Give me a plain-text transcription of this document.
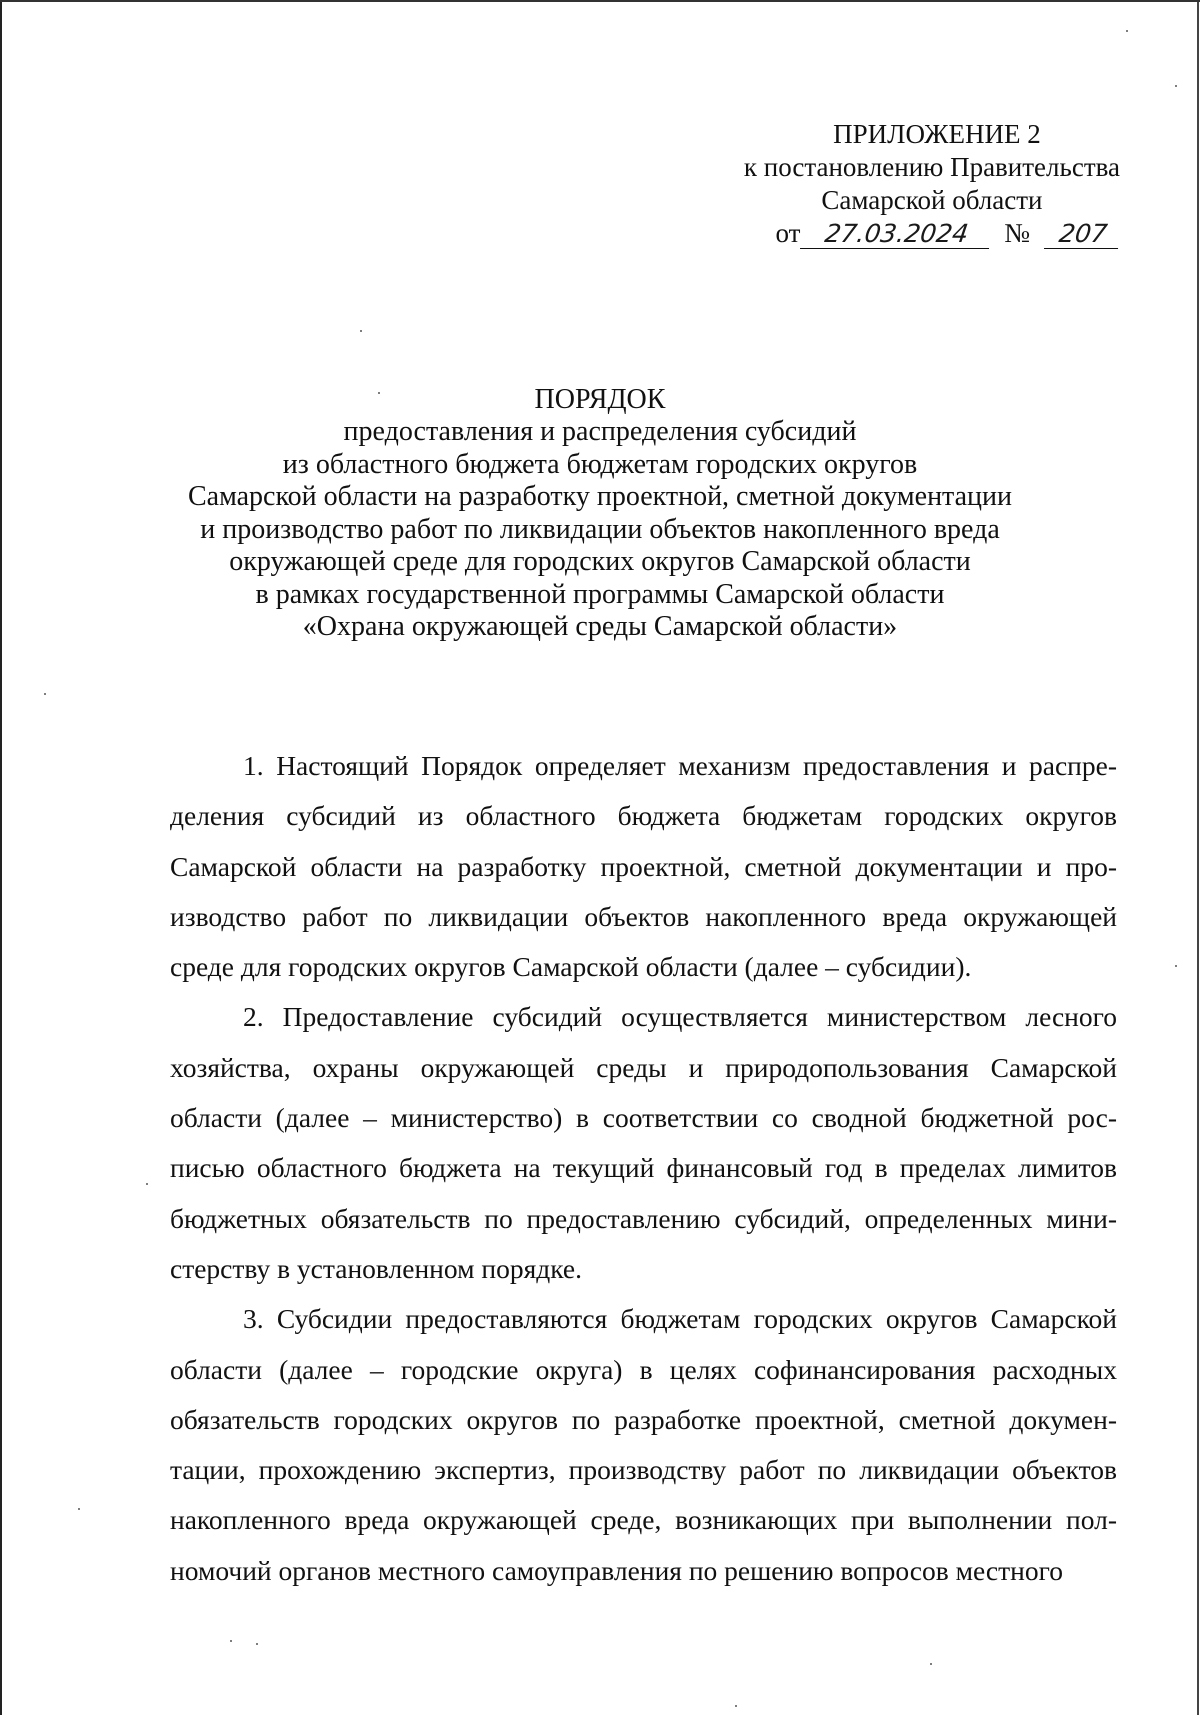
ПРИЛОЖЕНИЕ 2
к постановлению Правительства
Самарской области
от 27.03.2024 № 207
ПОРЯДОК
предоставления и распределения субсидий
из областного бюджета бюджетам городских округов
Самарской области на разработку проектной, сметной документации
и производство работ по ликвидации объектов накопленного вреда
окружающей среде для городских округов Самарской области
в рамках государственной программы Самарской области
«Охрана окружающей среды Самарской области»

1. Настоящий Порядок определяет механизм предоставления и распределения субсидий из областного бюджета бюджетам городских округов Самарской области на разработку проектной, сметной документации и производство работ по ликвидации объектов накопленного вреда окружающей среде для городских округов Самарской области (далее – субсидии).

2. Предоставление субсидий осуществляется министерством лесного хозяйства, охраны окружающей среды и природопользования Самарской области (далее – министерство) в соответствии со сводной бюджетной росписью областного бюджета на текущий финансовый год в пределах лимитов бюджетных обязательств по предоставлению субсидий, определенных министерству в установленном порядке.

3. Субсидии предоставляются бюджетам городских округов Самарской области (далее – городские округа) в целях софинансирования расходных обязательств городских округов по разработке проектной, сметной документации, прохождению экспертиз, производству работ по ликвидации объектов накопленного вреда окружающей среде, возникающих при выполнении полномочий органов местного самоуправления по решению вопросов местного
